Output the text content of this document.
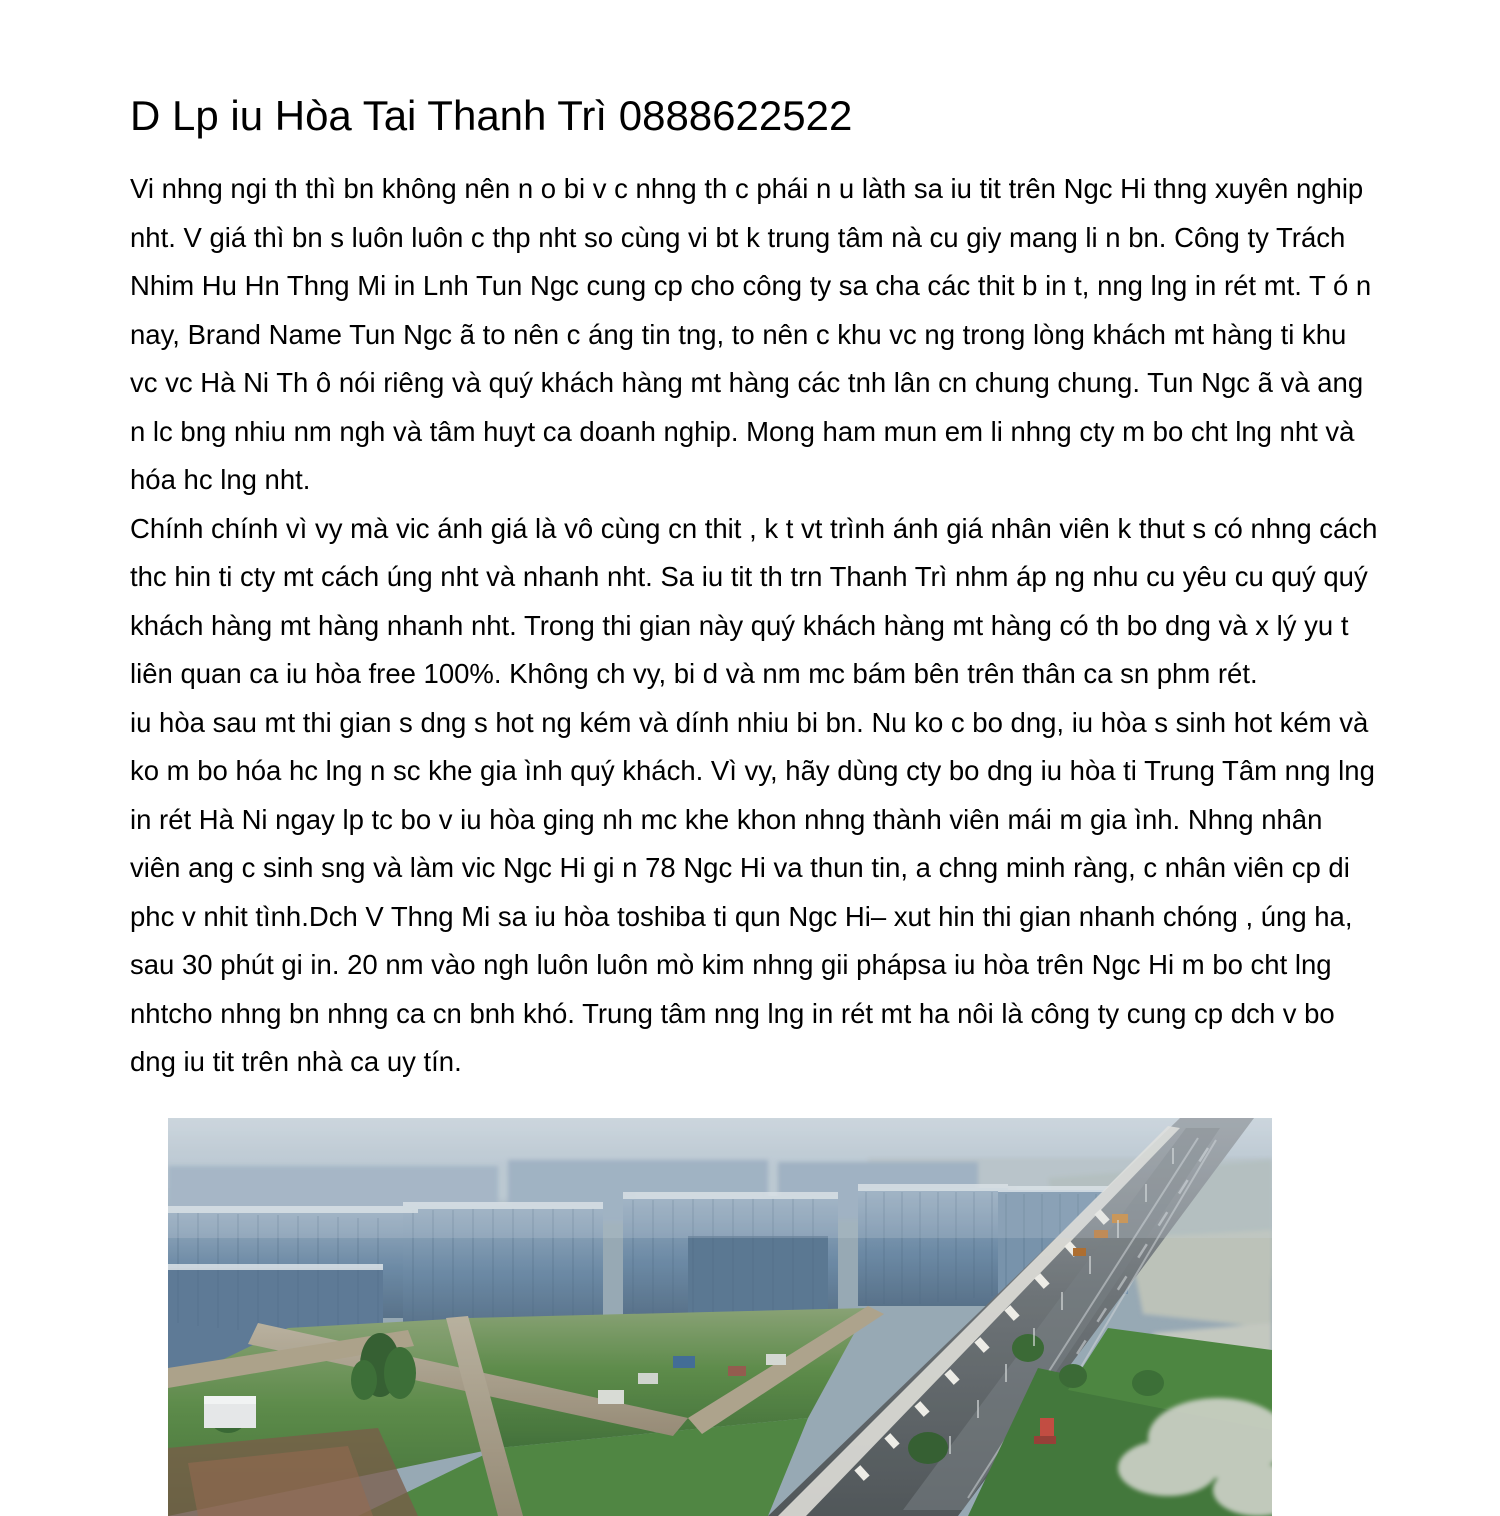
D Lp iu Hòa Tai Thanh Trì 0888622522

Vi nhng ngi th thì bn không nên n o bi v c nhng th c phái n u làth sa iu tit trên Ngc Hi thng xuyên nghip nht. V giá thì bn s luôn luôn c thp nht so cùng vi bt k trung tâm nà cu giy mang li n bn. Công ty Trách Nhim Hu Hn Thng Mi in Lnh Tun Ngc cung cp cho công ty sa cha các thit b in t, nng lng in rét mt. T ó n nay, Brand Name Tun Ngc ã to nên c áng tin tng, to nên c khu vc ng trong lòng khách mt hàng ti khu vc vc Hà Ni Th ô nói riêng và quý khách hàng mt hàng các tnh lân cn chung chung. Tun Ngc ã và ang n lc bng nhiu nm ngh và tâm huyt ca doanh nghip. Mong ham mun em li nhng cty m bo cht lng nht và hóa hc lng nht.

Chính chính vì vy mà vic ánh giá là vô cùng cn thit , k t vt trình ánh giá nhân viên k thut s có nhng cách thc hin ti cty mt cách úng nht và nhanh nht. Sa iu tit th trn Thanh Trì nhm áp ng nhu cu yêu cu quý quý khách hàng mt hàng nhanh nht. Trong thi gian này quý khách hàng mt hàng có th bo dng và x lý yu t liên quan ca iu hòa free 100%. Không ch vy, bi d và nm mc bám bên trên thân ca sn phm rét.

iu hòa sau mt thi gian s dng s hot ng kém và dính nhiu bi bn. Nu ko c bo dng, iu hòa s sinh hot kém và ko m bo hóa hc lng n sc khe gia ình quý khách. Vì vy, hãy dùng cty bo dng iu hòa ti Trung Tâm nng lng in rét Hà Ni ngay lp tc bo v iu hòa ging nh mc khe khon nhng thành viên mái m gia ình. Nhng nhân viên ang c sinh sng và làm vic Ngc Hi gi n 78 Ngc Hi va thun tin, a chng minh ràng, c nhân viên cp di phc v nhit tình.Dch V Thng Mi sa iu hòa toshiba ti qun Ngc Hi– xut hin thi gian nhanh chóng , úng ha, sau 30 phút gi in. 20 nm vào ngh luôn luôn mò kim nhng gii phápsa iu hòa trên Ngc Hi m bo cht lng nhtcho nhng bn nhng ca cn bnh khó. Trung tâm nng lng in rét mt ha nôi là công ty cung cp dch v bo dng iu tit trên nhà ca uy tín.
